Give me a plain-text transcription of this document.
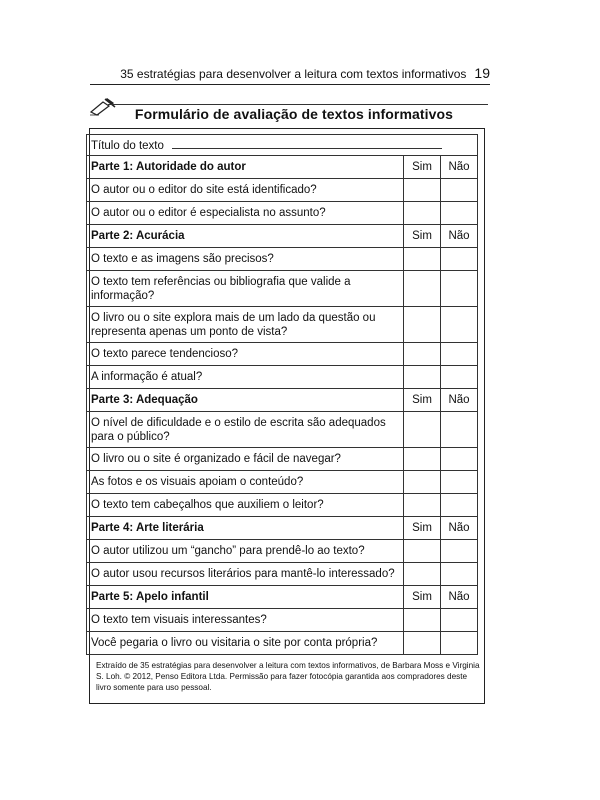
35 estratégias para desenvolver a leitura com textos informativos 19
Formulário de avaliação de textos informativos
Título do texto		
Parte 1: Autoridade do autor	Sim	Não
O autor ou o editor do site está identificado?		
O autor ou o editor é especialista no assunto?		
Parte 2: Acurácia	Sim	Não
O texto e as imagens são precisos?		
O texto tem referências ou bibliografia que valide a informação?		
O livro ou o site explora mais de um lado da questão ou representa apenas um ponto de vista?		
O texto parece tendencioso?		
A informação é atual?		
Parte 3: Adequação	Sim	Não
O nível de dificuldade e o estilo de escrita são adequados para o público?		
O livro ou o site é organizado e fácil de navegar?		
As fotos e os visuais apoiam o conteúdo?		
O texto tem cabeçalhos que auxiliem o leitor?		
Parte 4: Arte literária	Sim	Não
O autor utilizou um “gancho” para prendê-lo ao texto?		
O autor usou recursos literários para mantê-lo interessado?		
Parte 5: Apelo infantil	Sim	Não
O texto tem visuais interessantes?		
Você pegaria o livro ou visitaria o site por conta própria?		
Extraído de 35 estratégias para desenvolver a leitura com textos informativos, de Barbara Moss e Virginia S. Loh. © 2012, Penso Editora Ltda. Permissão para fazer fotocópia garantida aos compradores deste livro somente para uso pessoal.
